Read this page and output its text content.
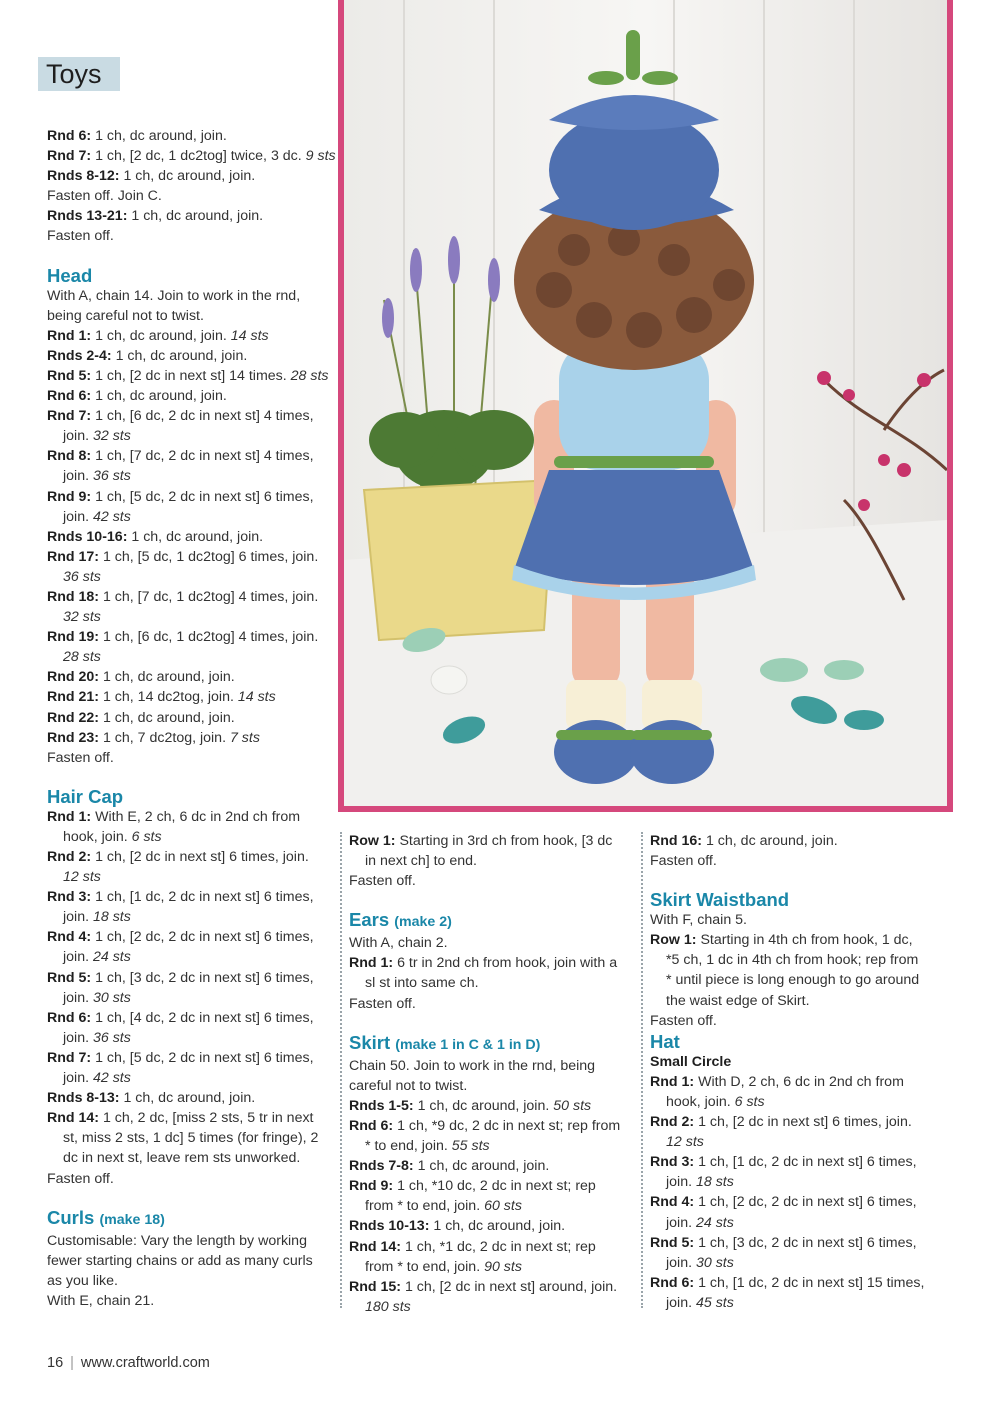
Toys

Rnd 6: 1 ch, dc around, join.

Rnd 7: 1 ch, [2 dc, 1 dc2tog] twice, 3 dc. 9 sts

Rnds 8-12: 1 ch, dc around, join.

Fasten off. Join C.

Rnds 13-21: 1 ch, dc around, join.

Fasten off.

Head

With A, chain 14. Join to work in the rnd,

being careful not to twist.

Rnd 1: 1 ch, dc around, join. 14 sts

Rnds 2-4: 1 ch, dc around, join.

Rnd 5: 1 ch, [2 dc in next st] 14 times. 28 sts

Rnd 6: 1 ch, dc around, join.

Rnd 7: 1 ch, [6 dc, 2 dc in next st] 4 times,

join. 32 sts

Rnd 8: 1 ch, [7 dc, 2 dc in next st] 4 times,

join. 36 sts

Rnd 9: 1 ch, [5 dc, 2 dc in next st] 6 times,

join. 42 sts

Rnds 10-16: 1 ch, dc around, join.

Rnd 17: 1 ch, [5 dc, 1 dc2tog] 6 times, join.

36 sts

Rnd 18: 1 ch, [7 dc, 1 dc2tog] 4 times, join.

32 sts

Rnd 19: 1 ch, [6 dc, 1 dc2tog] 4 times, join.

28 sts

Rnd 20: 1 ch, dc around, join.

Rnd 21: 1 ch, 14 dc2tog, join. 14 sts

Rnd 22: 1 ch, dc around, join.

Rnd 23: 1 ch, 7 dc2tog, join. 7 sts

Fasten off.

Hair Cap

Rnd 1: With E, 2 ch, 6 dc in 2nd ch from

hook, join. 6 sts

Rnd 2: 1 ch, [2 dc in next st] 6 times, join.

12 sts

Rnd 3: 1 ch, [1 dc, 2 dc in next st] 6 times,

join. 18 sts

Rnd 4: 1 ch, [2 dc, 2 dc in next st] 6 times,

join. 24 sts

Rnd 5: 1 ch, [3 dc, 2 dc in next st] 6 times,

join. 30 sts

Rnd 6: 1 ch, [4 dc, 2 dc in next st] 6 times,

join. 36 sts

Rnd 7: 1 ch, [5 dc, 2 dc in next st] 6 times,

join. 42 sts

Rnds 8-13: 1 ch, dc around, join.

Rnd 14: 1 ch, 2 dc, [miss 2 sts, 5 tr in next

st, miss 2 sts, 1 dc] 5 times (for fringe), 2

dc in next st, leave rem sts unworked.

Fasten off.

Curls (make 18)

Customisable: Vary the length by working

fewer starting chains or add as many curls

as you like.

With E, chain 21.

Row 1: Starting in 3rd ch from hook, [3 dc

in next ch] to end.

Fasten off.

Ears (make 2)

With A, chain 2.

Rnd 1: 6 tr in 2nd ch from hook, join with a

sl st into same ch.

Fasten off.

Skirt (make 1 in C & 1 in D)

Chain 50. Join to work in the rnd, being

careful not to twist.

Rnds 1-5: 1 ch, dc around, join. 50 sts

Rnd 6: 1 ch, *9 dc, 2 dc in next st; rep from

* to end, join. 55 sts

Rnds 7-8: 1 ch, dc around, join.

Rnd 9: 1 ch, *10 dc, 2 dc in next st; rep

from * to end, join. 60 sts

Rnds 10-13: 1 ch, dc around, join.

Rnd 14: 1 ch, *1 dc, 2 dc in next st; rep

from * to end, join. 90 sts

Rnd 15: 1 ch, [2 dc in next st] around, join.

180 sts

Rnd 16: 1 ch, dc around, join.

Fasten off.

Skirt Waistband

With F, chain 5.

Row 1: Starting in 4th ch from hook, 1 dc,

*5 ch, 1 dc in 4th ch from hook; rep from

* until piece is long enough to go around

the waist edge of Skirt.

Fasten off.

Hat
Small Circle

Rnd 1: With D, 2 ch, 6 dc in 2nd ch from

hook, join. 6 sts

Rnd 2: 1 ch, [2 dc in next st] 6 times, join.

12 sts

Rnd 3: 1 ch, [1 dc, 2 dc in next st] 6 times,

join. 18 sts

Rnd 4: 1 ch, [2 dc, 2 dc in next st] 6 times,

join. 24 sts

Rnd 5: 1 ch, [3 dc, 2 dc in next st] 6 times,

join. 30 sts

Rnd 6: 1 ch, [1 dc, 2 dc in next st] 15 times,

join. 45 sts

16 | www.craftworld.com
